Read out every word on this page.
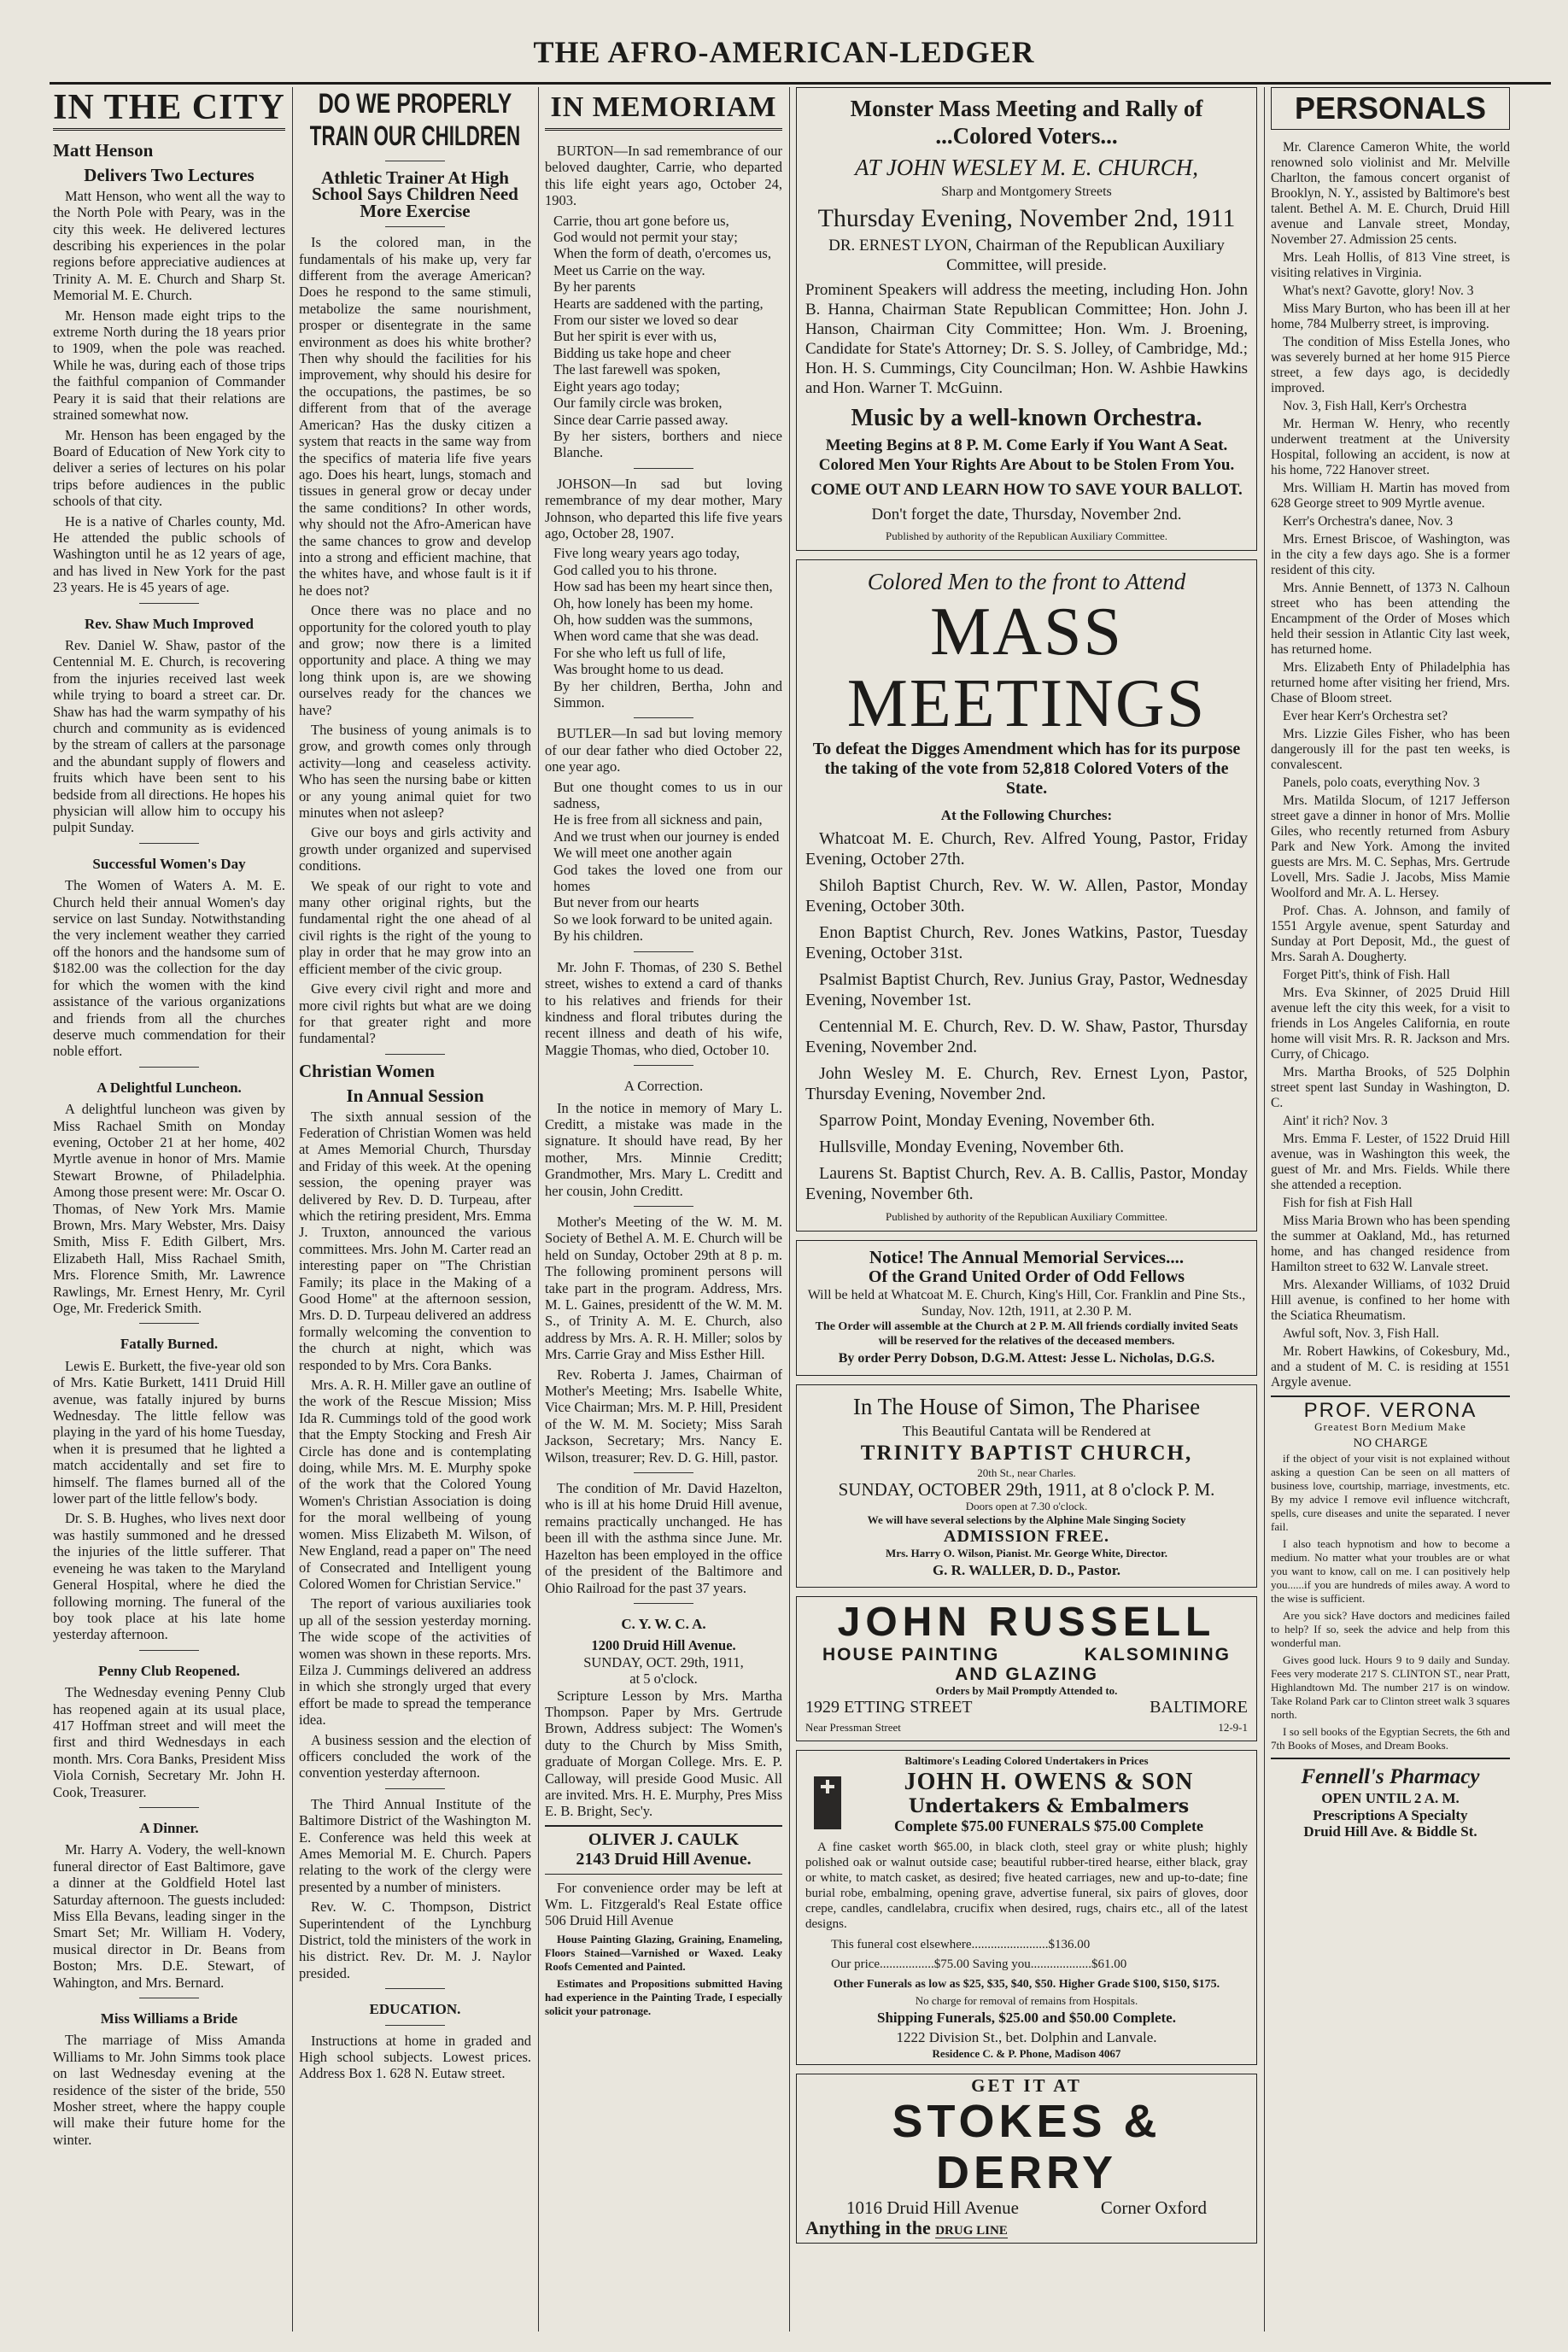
THE AFRO-AMERICAN-LEDGER
IN THE CITY
Matt Henson
Delivers Two Lectures

Matt Henson, who went all the way to the North Pole with Peary, was in the city this week. He delivered lectures describing his experiences in the polar regions before appreciative audiences at Trinity A. M. E. Church and Sharp St. Memorial M. E. Church.

Mr. Henson made eight trips to the extreme North during the 18 years prior to 1909, when the pole was reached. While he was, during each of those trips the faithful companion of Commander Peary it is said that their relations are strained somewhat now.

Mr. Henson has been engaged by the Board of Education of New York city to deliver a series of lectures on his polar trips before audiences in the public schools of that city.

He is a native of Charles county, Md. He attended the public schools of Washington until he as 12 years of age, and has lived in New York for the past 23 years. He is 45 years of age.

Rev. Shaw Much Improved

Rev. Daniel W. Shaw, pastor of the Centennial M. E. Church, is recovering from the injuries received last week while trying to board a street car. Dr. Shaw has had the warm sympathy of his church and community as is evidenced by the stream of callers at the parsonage and the abundant supply of flowers and fruits which have been sent to his bedside from all directions. He hopes his physician will allow him to occupy his pulpit Sunday.

Successful Women's Day

The Women of Waters A. M. E. Church held their annual Women's day service on last Sunday. Notwithstanding the very inclement weather they carried off the honors and the handsome sum of $182.00 was the collection for the day for which the women with the kind assistance of the various organizations and friends from all the churches deserve much commendation for their noble effort.

A Delightful Luncheon.

A delightful luncheon was given by Miss Rachael Smith on Monday evening, October 21 at her home, 402 Myrtle avenue in honor of Mrs. Mamie Stewart Browne, of Philadelphia. Among those present were: Mr. Oscar O. Thomas, of New York Mrs. Mamie Brown, Mrs. Mary Webster, Mrs. Daisy Smith, Miss F. Edith Gilbert, Mrs. Elizabeth Hall, Miss Rachael Smith, Mrs. Florence Smith, Mr. Lawrence Rawlings, Mr. Ernest Henry, Mr. Cyril Oge, Mr. Frederick Smith.

Fatally Burned.

Lewis E. Burkett, the five-year old son of Mrs. Katie Burkett, 1411 Druid Hill avenue, was fatally injured by burns Wednesday. The little fellow was playing in the yard of his home Tuesday, when it is presumed that he lighted a match accidentally and set fire to himself. The flames burned all of the lower part of the little fellow's body.

Dr. S. B. Hughes, who lives next door was hastily summoned and he dressed the injuries of the little sufferer. That eveneing he was taken to the Maryland General Hospital, where he died the following morning. The funeral of the boy took place at his late home yesterday afternoon.

Penny Club Reopened.

The Wednesday evening Penny Club has reopened again at its usual place, 417 Hoffman street and will meet the first and third Wednesdays in each month. Mrs. Cora Banks, President Miss Viola Cornish, Secretary Mr. John H. Cook, Treasurer.

A Dinner.

Mr. Harry A. Vodery, the well-known funeral director of East Baltimore, gave a dinner at the Goldfield Hotel last Saturday afternoon. The guests included: Miss Ella Bevans, leading singer in the Smart Set; Mr. William H. Vodery, musical director in Dr. Beans from Boston; Mrs. D.E. Stewart, of Wahington, and Mrs. Bernard.

Miss Williams a Bride

The marriage of Miss Amanda Williams to Mr. John Simms took place on last Wednesday evening at the residence of the sister of the bride, 550 Mosher street, where the happy couple will make their future home for the winter.

DO WE PROPERLY
TRAIN OUR CHILDREN
Athletic Trainer At High School Says Children Need More Exercise

Is the colored man, in the fundamentals of his make up, very far different from the average American? Does he respond to the same stimuli, metabolize the same nourishment, prosper or disentegrate in the same environment as does his white brother? Then why should the facilities for his improvement, why should his desire for the occupations, the pastimes, be so different from that of the average American? Has the dusky citizen a system that reacts in the same way from the specifics of materia life five years ago. Does his heart, lungs, stomach and tissues in general grow or decay under the same conditions? In other words, why should not the Afro-American have the same chances to grow and develop into a strong and efficient machine, that the whites have, and whose fault is it if he does not?

Once there was no place and no opportunity for the colored youth to play and grow; now there is a limited opportunity and place. A thing we may long think upon is, are we showing ourselves ready for the chances we have?

The business of young animals is to grow, and growth comes only through activity—long and ceaseless activity. Who has seen the nursing babe or kitten or any young animal quiet for two minutes when not asleep?

Give our boys and girls activity and growth under organized and supervised conditions.

We speak of our right to vote and many other original rights, but the fundamental right the one ahead of al civil rights is the right of the young to play in order that he may grow into an efficient member of the civic group.

Give every civil right and more and more civil rights but what are we doing for that greater right and more fundamental?

Christian Women
In Annual Session

The sixth annual session of the Federation of Christian Women was held at Ames Memorial Church, Thursday and Friday of this week. At the opening session, the opening prayer was delivered by Rev. D. D. Turpeau, after which the retiring president, Mrs. Emma J. Truxton, announced the various committees. Mrs. John M. Carter read an interesting paper on "The Christian Family; its place in the Making of a Good Home" at the afternoon session, Mrs. D. D. Turpeau delivered an address formally welcoming the convention to the church at night, which was responded to by Mrs. Cora Banks.

Mrs. A. R. H. Miller gave an outline of the work of the Rescue Mission; Miss Ida R. Cummings told of the good work that the Empty Stocking and Fresh Air Circle has done and is contemplating doing, while Mrs. M. E. Murphy spoke of the work that the Colored Young Women's Christian Association is doing for the moral wellbeing of young women. Miss Elizabeth M. Wilson, of New England, read a paper on" The need of Consecrated and Intelligent young Colored Women for Christian Service."

The report of various auxiliaries took up all of the session yesterday morning. The wide scope of the activities of women was shown in these reports. Mrs. Eilza J. Cummings delivered an address in which she strongly urged that every effort be made to spread the temperance idea.

A business session and the election of officers concluded the work of the convention yesterday afternoon.

The Third Annual Institute of the Baltimore District of the Washington M. E. Conference was held this week at Ames Memorial M. E. Church. Papers relating to the work of the clergy were presented by a number of ministers.

Rev. W. C. Thompson, District Superintendent of the Lynchburg District, told the ministers of the work in his district. Rev. Dr. M. J. Naylor presided.

EDUCATION.

Instructions at home in graded and High school subjects. Lowest prices. Address Box 1. 628 N. Eutaw street.

IN MEMORIAM

BURTON—In sad remembrance of our beloved daughter, Carrie, who departed this life eight years ago, October 24, 1903.

Carrie, thou art gone before us,
God would not permit your stay;
When the form of death, o'ercomes us,
Meet us Carrie on the way.
By her parents
Hearts are saddened with the parting,
From our sister we loved so dear
But her spirit is ever with us,
Bidding us take hope and cheer
The last farewell was spoken,
Eight years ago today;
Our family circle was broken,
Since dear Carrie passed away.
By her sisters, borthers and niece Blanche.

JOHSON—In sad but loving remembrance of my dear mother, Mary Johnson, who departed this life five years ago, October 28, 1907.

Five long weary years ago today,
God called you to his throne.
How sad has been my heart since then,
Oh, how lonely has been my home.
Oh, how sudden was the summons,
When word came that she was dead.
For she who left us full of life,
Was brought home to us dead.
By her children, Bertha, John and Simmon.

BUTLER—In sad but loving memory of our dear father who died October 22, one year ago.

But one thought comes to us in our sadness,
He is free from all sickness and pain,
And we trust when our journey is ended
We will meet one another again
God takes the loved one from our homes
But never from our hearts
So we look forward to be united again.
By his children.

Mr. John F. Thomas, of 230 S. Bethel street, wishes to extend a card of thanks to his relatives and friends for their kindness and floral tributes during the recent illness and death of his wife, Maggie Thomas, who died, October 10.

A Correction.

In the notice in memory of Mary L. Creditt, a mistake was made in the signature. It should have read, By her mother, Mrs. Minnie Creditt; Grandmother, Mrs. Mary L. Creditt and her cousin, John Creditt.

Mother's Meeting of the W. M. M. Society of Bethel A. M. E. Church will be held on Sunday, October 29th at 8 p. m. The following prominent persons will take part in the program. Address, Mrs. M. L. Gaines, presidentt of the W. M. M. S., of Trinity A. M. E. Church, also address by Mrs. A. R. H. Miller; solos by Mrs. Carrie Gray and Miss Esther Hill.

Rev. Roberta J. James, Chairman of Mother's Meeting; Mrs. Isabelle White, Vice Chairman; Mrs. M. P. Hill, President of the W. M. M. Society; Miss Sarah Jackson, Secretary; Mrs. Nancy E. Wilson, treasurer; Rev. D. G. Hill, pastor.

The condition of Mr. David Hazelton, who is ill at his home Druid Hill avenue, remains practically unchanged. He has been ill with the asthma since June. Mr. Hazelton has been employed in the office of the president of the Baltimore and Ohio Railroad for the past 37 years.

C. Y. W. C. A.
1200 Druid Hill Avenue.
SUNDAY, OCT. 29th, 1911,
at 5 o'clock.

Scripture Lesson by Mrs. Martha Thompson. Paper by Mrs. Gertrude Brown, Address subject: The Women's duty to the Church by Miss Smith, graduate of Morgan College. Mrs. E. P. Calloway, will preside Good Music. All are invited. Mrs. H. E. Murphy, Pres Miss E. B. Bright, Sec'y.

OLIVER J. CAULK
2143 Druid Hill Avenue.

For convenience order may be left at Wm. L. Fitzgerald's Real Estate office 506 Druid Hill Avenue

House Painting Glazing, Graining, Enameling, Floors Stained—Varnished or Waxed. Leaky Roofs Cemented and Painted.

Estimates and Propositions submitted Having had experience in the Painting Trade, I especially solicit your patronage.

Monster Mass Meeting and Rally of
...Colored Voters...
AT JOHN WESLEY M. E. CHURCH,
Sharp and Montgomery Streets
Thursday Evening, November 2nd, 1911
DR. ERNEST LYON, Chairman of the Republican Auxiliary Committee, will preside.

Prominent Speakers will address the meeting, including Hon. John B. Hanna, Chairman State Republican Committee; Hon. John J. Hanson, Chairman City Committee; Hon. Wm. J. Broening, Candidate for State's Attorney; Dr. S. S. Jolley, of Cambridge, Md.; Hon. H. S. Cummings, City Councilman; Hon. W. Ashbie Hawkins and Hon. Warner T. McGuinn.

Music by a well-known Orchestra.
Meeting Begins at 8 P. M. Come Early if You Want A Seat. Colored Men Your Rights Are About to be Stolen From You.
COME OUT AND LEARN HOW TO SAVE YOUR BALLOT.
Don't forget the date, Thursday, November 2nd.
Published by authority of the Republican Auxiliary Committee.
Colored Men to the front to Attend
MASS MEETINGS
To defeat the Digges Amendment which has for its purpose the taking of the vote from 52,818 Colored Voters of the State.
At the Following Churches:
Whatcoat M. E. Church, Rev. Alfred Young, Pastor, Friday Evening, October 27th.
Shiloh Baptist Church, Rev. W. W. Allen, Pastor, Monday Evening, October 30th.
Enon Baptist Church, Rev. Jones Watkins, Pastor, Tuesday Evening, October 31st.
Psalmist Baptist Church, Rev. Junius Gray, Pastor, Wednesday Evening, November 1st.
Centennial M. E. Church, Rev. D. W. Shaw, Pastor, Thursday Evening, November 2nd.
John Wesley M. E. Church, Rev. Ernest Lyon, Pastor, Thursday Evening, November 2nd.
Sparrow Point, Monday Evening, November 6th.
Hullsville, Monday Evening, November 6th.
Laurens St. Baptist Church, Rev. A. B. Callis, Pastor, Monday Evening, November 6th.
Published by authority of the Republican Auxiliary Committee.
Notice! The Annual Memorial Services....
Of the Grand United Order of Odd Fellows
Will be held at Whatcoat M. E. Church, King's Hill, Cor. Franklin and Pine Sts., Sunday, Nov. 12th, 1911, at 2.30 P. M.
The Order will assemble at the Church at 2 P. M. All friends cordially invited Seats will be reserved for the relatives of the deceased members.
By order Perry Dobson, D.G.M. Attest: Jesse L. Nicholas, D.G.S.
In The House of Simon, The Pharisee
This Beautiful Cantata will be Rendered at
TRINITY BAPTIST CHURCH,
20th St., near Charles.
SUNDAY, OCTOBER 29th, 1911, at 8 o'clock P. M.
Doors open at 7.30 o'clock.
We will have several selections by the Alphine Male Singing Society
ADMISSION FREE.
Mrs. Harry O. Wilson, Pianist. Mr. George White, Director.
G. R. WALLER, D. D., Pastor.
JOHN RUSSELL
HOUSE PAINTING	KALSOMINING
AND GLAZING
Orders by Mail Promptly Attended to.
1929 ETTING STREET	BALTIMORE
Near Pressman Street	12-9-1
Baltimore's Leading Colored Undertakers in Prices
JOHN H. OWENS & SON
Undertakers & Embalmers
Complete $75.00 FUNERALS $75.00 Complete

A fine casket worth $65.00, in black cloth, steel gray or white plush; highly polished oak or walnut outside case; beautiful rubber-tired hearse, either black, gray or white, to match casket, as desired; five heated carriages, new and up-to-date; fine burial robe, embalming, opening grave, advertise funeral, six pairs of gloves, door crepe, candles, candlelabra, crucifix when desired, rugs, chairs etc., all of the latest designs.

This funeral cost elsewhere........................$136.00
Our price.................$75.00 Saving you...................$61.00
Other Funerals as low as $25, $35, $40, $50. Higher Grade $100, $150, $175.
No charge for removal of remains from Hospitals.
Shipping Funerals, $25.00 and $50.00 Complete.
1222 Division St., bet. Dolphin and Lanvale.
Residence C. & P. Phone, Madison 4067
GET IT AT
STOKES & DERRY
1016 Druid Hill Avenue	Corner Oxford
Anything in the DRUG LINE
PERSONALS
Mr. Clarence Cameron White, the world renowned solo violinist and Mr. Melville Charlton, the famous concert organist of Brooklyn, N. Y., assisted by Baltimore's best talent. Bethel A. M. E. Church, Druid Hill avenue and Lanvale street, Monday, November 27. Admission 25 cents.
Mrs. Leah Hollis, of 813 Vine street, is visiting relatives in Virginia.
What's next? Gavotte, glory! Nov. 3
Miss Mary Burton, who has been ill at her home, 784 Mulberry street, is improving.
The condition of Miss Estella Jones, who was severely burned at her home 915 Pierce street, a few days ago, is decidedly improved.
Nov. 3, Fish Hall, Kerr's Orchestra
Mr. Herman W. Henry, who recently underwent treatment at the University Hospital, following an accident, is now at his home, 722 Hanover street.
Mrs. William H. Martin has moved from 628 George street to 909 Myrtle avenue.
Kerr's Orchestra's danee, Nov. 3
Mrs. Ernest Briscoe, of Washington, was in the city a few days ago. She is a former resident of this city.
Mrs. Annie Bennett, of 1373 N. Calhoun street who has been attending the Encampment of the Order of Moses which held their session in Atlantic City last week, has returned home.
Mrs. Elizabeth Enty of Philadelphia has returned home after visiting her friend, Mrs. Chase of Bloom street.
Ever hear Kerr's Orchestra set?
Mrs. Lizzie Giles Fisher, who has been dangerously ill for the past ten weeks, is convalescent.
Panels, polo coats, everything Nov. 3
Mrs. Matilda Slocum, of 1217 Jefferson street gave a dinner in honor of Mrs. Mollie Giles, who recently returned from Asbury Park and New York. Among the invited guests are Mrs. M. C. Sephas, Mrs. Gertrude Lovell, Mrs. Sadie J. Jacobs, Miss Mamie Woolford and Mr. A. L. Hersey.
Prof. Chas. A. Johnson, and family of 1551 Argyle avenue, spent Saturday and Sunday at Port Deposit, Md., the guest of Mrs. Sarah A. Dougherty.
Forget Pitt's, think of Fish. Hall
Mrs. Eva Skinner, of 2025 Druid Hill avenue left the city this week, for a visit to friends in Los Angeles California, en route home will visit Mrs. R. R. Jackson and Mrs. Curry, of Chicago.
Mrs. Martha Brooks, of 525 Dolphin street spent last Sunday in Washington, D. C.
Aint' it rich? Nov. 3
Mrs. Emma F. Lester, of 1522 Druid Hill avenue, was in Washington this week, the guest of Mr. and Mrs. Fields. While there she attended a reception.
Fish for fish at Fish Hall
Miss Maria Brown who has been spending the summer at Oakland, Md., has returned home, and has changed residence from Hamilton street to 632 W. Lanvale street.
Mrs. Alexander Williams, of 1032 Druid Hill avenue, is confined to her home with the Sciatica Rheumatism.
Awful soft, Nov. 3, Fish Hall.
Mr. Robert Hawkins, of Cokesbury, Md., and a student of M. C. is residing at 1551 Argyle avenue.
PROF. VERONA
Greatest Born Medium Make
NO CHARGE

if the object of your visit is not explained without asking a question Can be seen on all matters of business love, courtship, marriage, investments, etc. By my advice I remove evil influence witchcraft, spells, cure diseases and unite the separated. I never fail.

I also teach hypnotism and how to become a medium. No matter what your troubles are or what you want to know, call on me. I can positively help you......if you are hundreds of miles away. A word to the wise is sufficient.

Are you sick? Have doctors and medicines failed to help? If so, seek the advice and help from this wonderful man.

Gives good luck. Hours 9 to 9 daily and Sunday. Fees very moderate 217 S. CLINTON ST., near Pratt, Highlandtown Md. The number 217 is on window. Take Roland Park car to Clinton street walk 3 squares north.

I so sell books of the Egyptian Secrets, the 6th and 7th Books of Moses, and Dream Books.

Fennell's Pharmacy
OPEN UNTIL 2 A. M.
Prescriptions A Specialty
Druid Hill Ave. & Biddle St.
